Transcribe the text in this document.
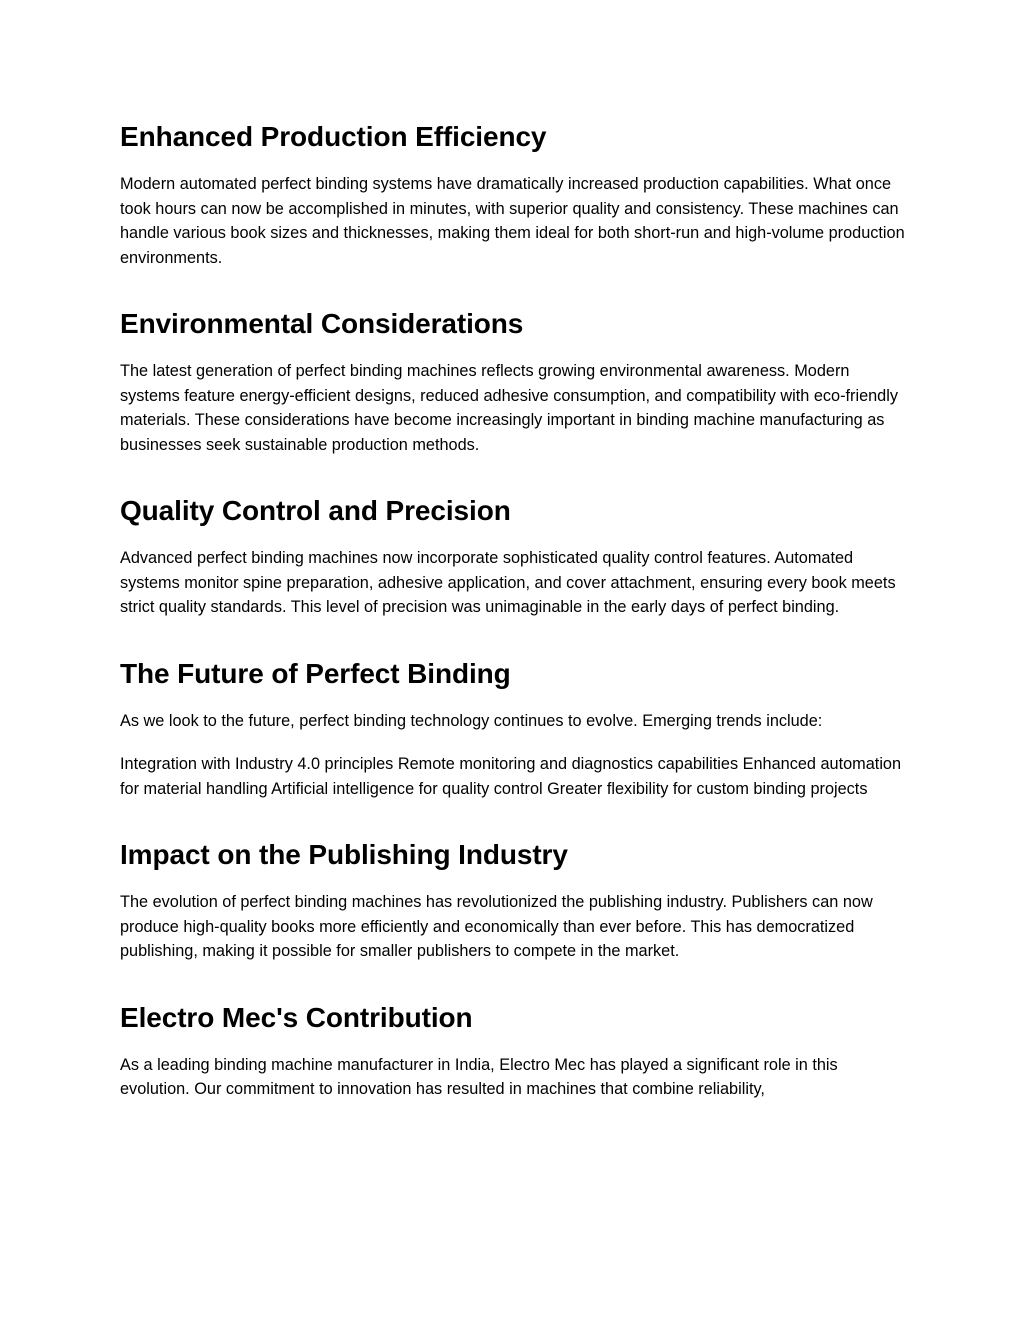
Enhanced Production Efficiency

Modern automated perfect binding systems have dramatically increased production capabilities. What once took hours can now be accomplished in minutes, with superior quality and consistency. These machines can handle various book sizes and thicknesses, making them ideal for both short-run and high-volume production environments.

Environmental Considerations

The latest generation of perfect binding machines reflects growing environmental awareness. Modern systems feature energy-efficient designs, reduced adhesive consumption, and compatibility with eco-friendly materials. These considerations have become increasingly important in binding machine manufacturing as businesses seek sustainable production methods.

Quality Control and Precision

Advanced perfect binding machines now incorporate sophisticated quality control features. Automated systems monitor spine preparation, adhesive application, and cover attachment, ensuring every book meets strict quality standards. This level of precision was unimaginable in the early days of perfect binding.

The Future of Perfect Binding

As we look to the future, perfect binding technology continues to evolve. Emerging trends include:

Integration with Industry 4.0 principles Remote monitoring and diagnostics capabilities Enhanced automation for material handling Artificial intelligence for quality control Greater flexibility for custom binding projects

Impact on the Publishing Industry

The evolution of perfect binding machines has revolutionized the publishing industry. Publishers can now produce high-quality books more efficiently and economically than ever before. This has democratized publishing, making it possible for smaller publishers to compete in the market.

Electro Mec's Contribution

As a leading binding machine manufacturer in India, Electro Mec has played a significant role in this evolution. Our commitment to innovation has resulted in machines that combine reliability,
